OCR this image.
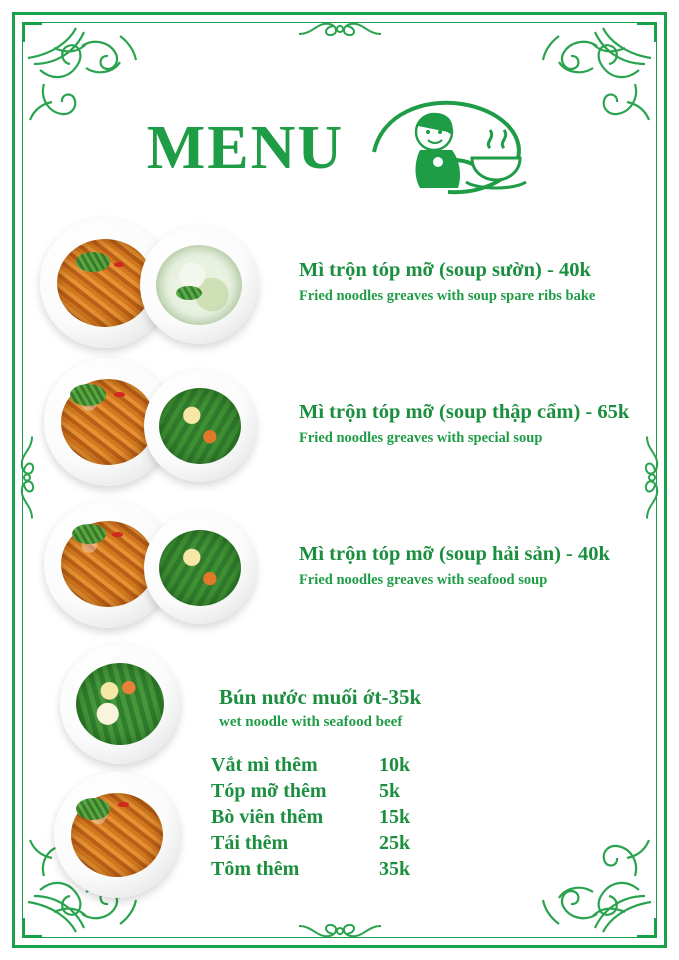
MENU
Mì trộn tóp mỡ (soup sườn) - 40k
Fried noodles greaves with soup spare ribs bake
Mì trộn tóp mỡ (soup thập cẩm) - 65k
Fried noodles greaves with special soup
Mì trộn tóp mỡ (soup hải sản) - 40k
Fried noodles greaves with seafood soup
Bún nước muối ớt-35k
wet noodle with seafood beef
Vắt mì thêm	10k
Tóp mỡ thêm	5k
Bò viên thêm	15k
Tái thêm	25k
Tôm thêm	35k
